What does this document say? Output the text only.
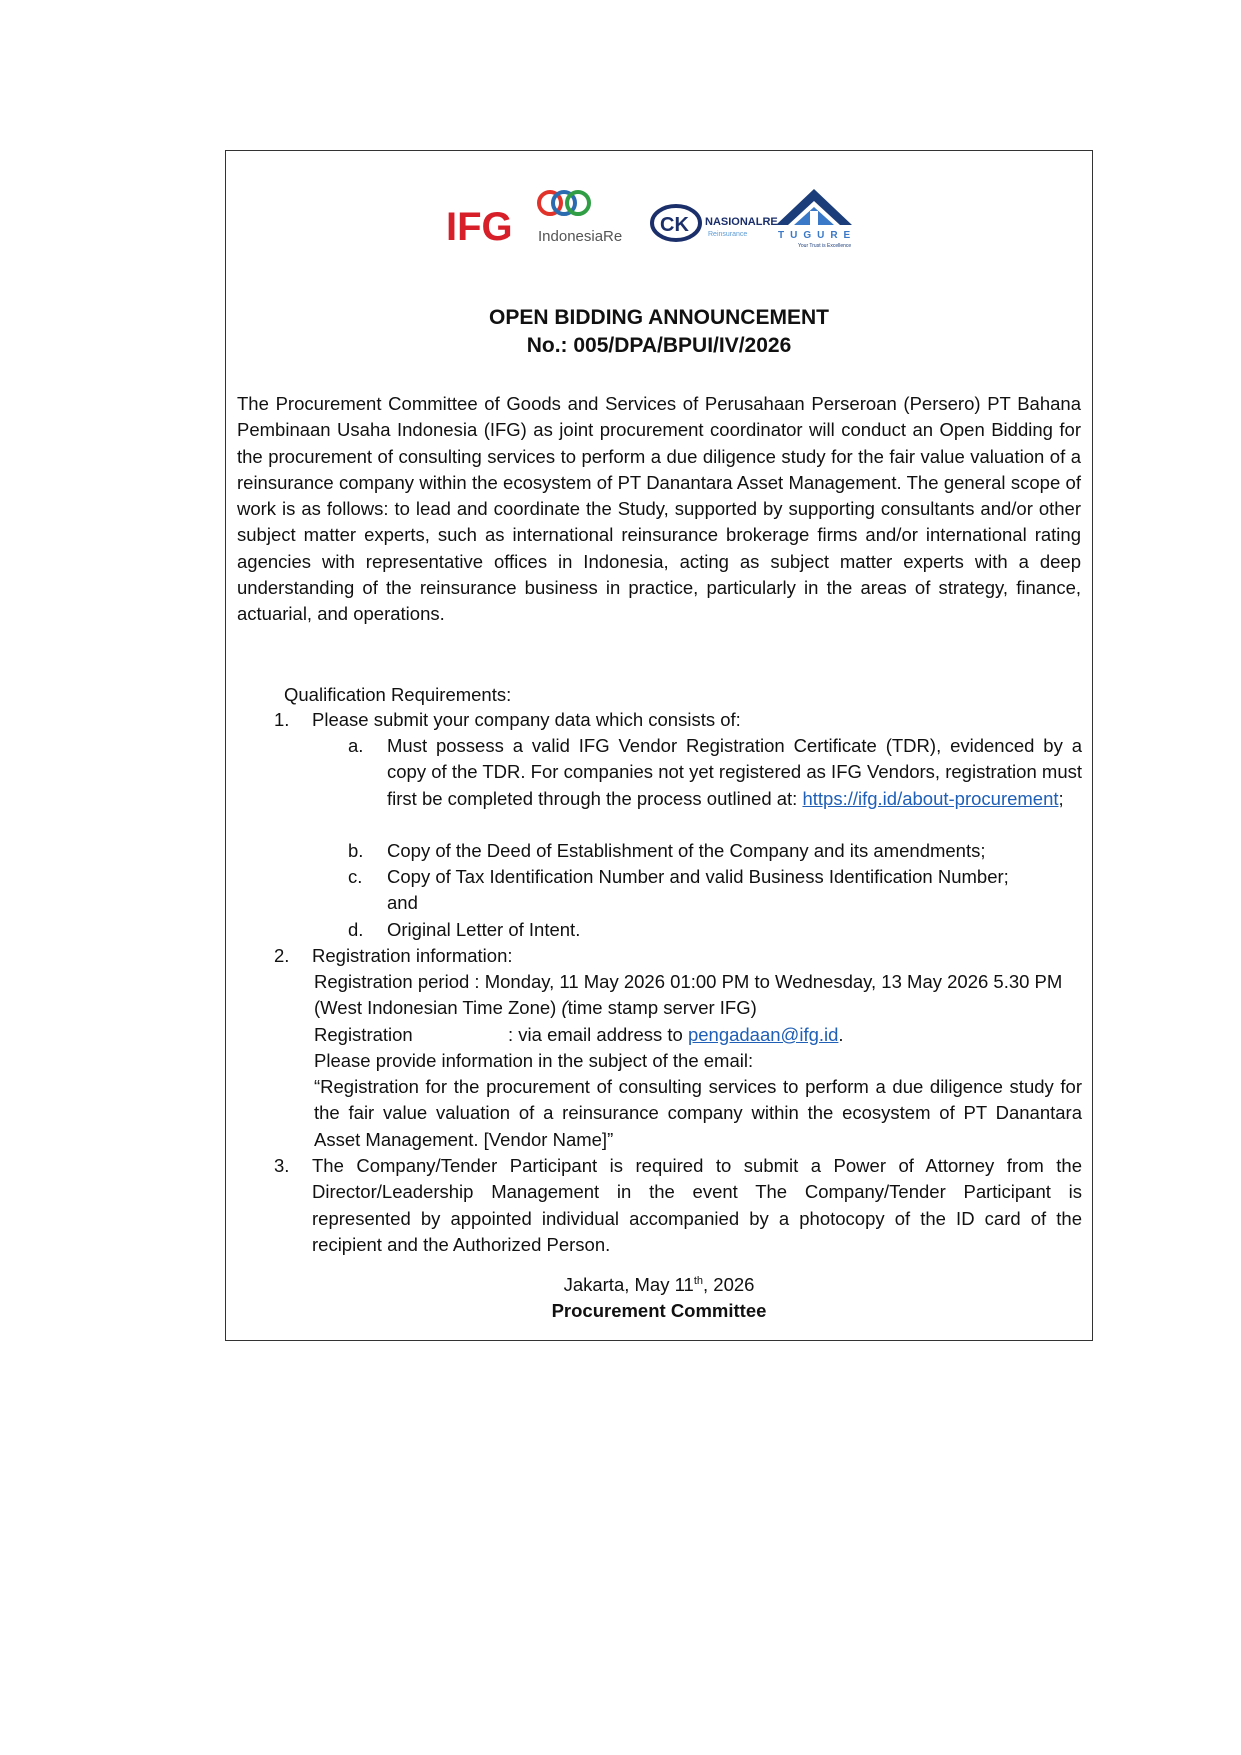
IFG IndonesiaRe
CK NASIONALRE
Reinsurance	TUGURE
Your Trust is Excellence
OPEN BIDDING ANNOUNCEMENT
No.: 005/DPA/BPUI/IV/2026

The Procurement Committee of Goods and Services of Perusahaan Perseroan (Persero) PT Bahana Pembinaan Usaha Indonesia (IFG) as joint procurement coordinator will conduct an Open Bidding for the procurement of consulting services to perform a due diligence study for the fair value valuation of a reinsurance company within the ecosystem of PT Danantara Asset Management. The general scope of work is as follows: to lead and coordinate the Study, supported by supporting consultants and/or other subject matter experts, such as international reinsurance brokerage firms and/or international rating agencies with representative offices in Indonesia, acting as subject matter experts with a deep understanding of the reinsurance business in practice, particularly in the areas of strategy, finance, actuarial, and operations.

Qualification Requirements:
1. Please submit your company data which consists of:
a. Must possess a valid IFG Vendor Registration Certificate (TDR), evidenced by a copy of the TDR. For companies not yet registered as IFG Vendors, registration must first be completed through the process outlined at: https://ifg.id/about-procurement;

b. Copy of the Deed of Establishment of the Company and its amendments;
c. Copy of Tax Identification Number and valid Business Identification Number; and
d. Original Letter of Intent.
2. Registration information:

Registration period : Monday, 11 May 2026 01:00 PM to Wednesday, 13 May 2026 5.30 PM (West Indonesian Time Zone) (time stamp server IFG)

Registration	: via email address to pengadaan@ifg.id.
Please provide information in the subject of the email:

“Registration for the procurement of consulting services to perform a due diligence study for the fair value valuation of a reinsurance company within the ecosystem of PT Danantara Asset Management. [Vendor Name]”

3. The Company/Tender Participant is required to submit a Power of Attorney from the Director/Leadership Management in the event The Company/Tender Participant is represented by appointed individual accompanied by a photocopy of the ID card of the recipient and the Authorized Person.

Jakarta, May 11th, 2026
Procurement Committee
